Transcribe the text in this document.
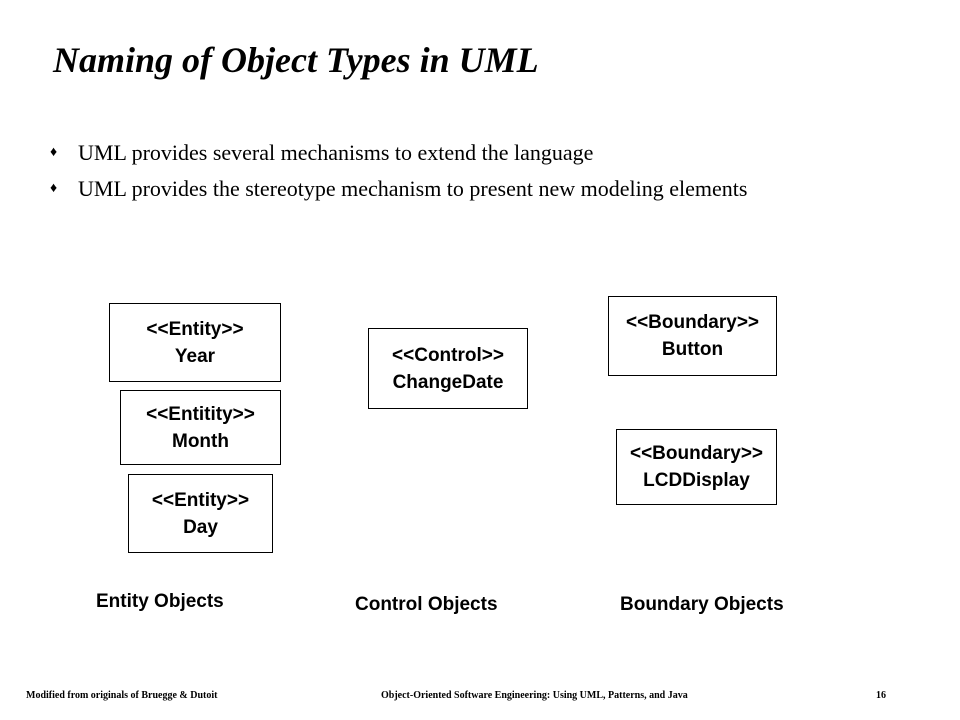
Naming of Object Types in UML
♦ UML provides several mechanisms to extend the language
♦ UML provides the stereotype mechanism to present new modeling elements
<<Entity>>
Year
<<Entitity>>
Month
<<Entity>>
Day
<<Control>>
ChangeDate
<<Boundary>>
Button
<<Boundary>>
LCDDisplay
Entity Objects	Control Objects	Boundary Objects
Modified from originals of Bruegge & Dutoit	Object-Oriented Software Engineering: Using UML, Patterns, and Java	16
